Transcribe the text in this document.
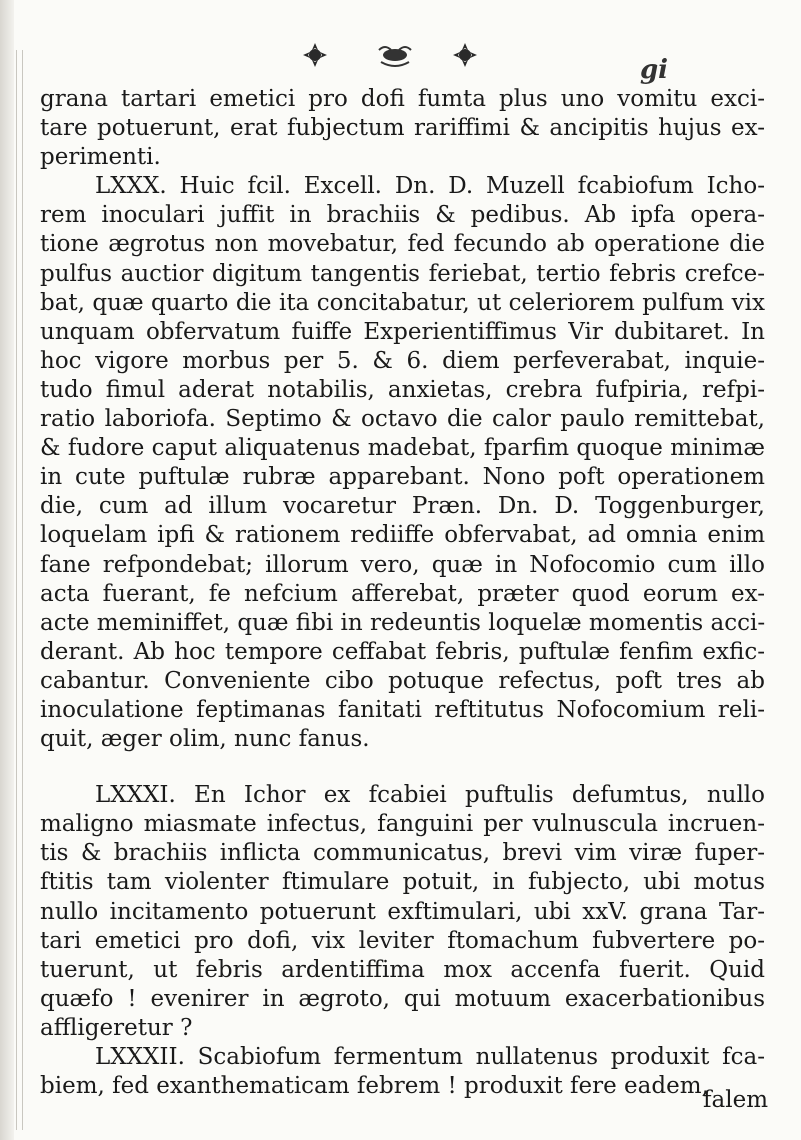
gi
grana tartari emetici pro dofi fumta plus uno vomitu exci-
tare potuerunt, erat fubjectum rariffimi & ancipitis hujus ex-
perimenti.
LXXX. Huic fcil. Excell. Dn. D. Muzell fcabiofum Icho-
rem inoculari juffit in brachiis & pedibus. Ab ipfa opera-
tione ægrotus non movebatur, fed fecundo ab operatione die
pulfus auctior digitum tangentis feriebat, tertio febris crefce-
bat, quæ quarto die ita concitabatur, ut celeriorem pulfum vix
unquam obfervatum fuiffe Experientiffimus Vir dubitaret. In
hoc vigore morbus per 5. & 6. diem perfeverabat, inquie-
tudo fimul aderat notabilis, anxietas, crebra fufpiria, refpi-
ratio laboriofa. Septimo & octavo die calor paulo remittebat,
& fudore caput aliquatenus madebat, fparfim quoque minimæ
in cute puftulæ rubræ apparebant. Nono poft operationem
die, cum ad illum vocaretur Præn. Dn. D. Toggenburger,
loquelam ipfi & rationem rediiffe obfervabat, ad omnia enim
fane refpondebat; illorum vero, quæ in Nofocomio cum illo
acta fuerant, fe nefcium afferebat, præter quod eorum ex-
acte meminiffet, quæ fibi in redeuntis loquelæ momentis acci-
derant. Ab hoc tempore ceffabat febris, puftulæ fenfim exfic-
cabantur. Conveniente cibo potuque refectus, poft tres ab
inoculatione feptimanas fanitati reftitutus Nofocomium reli-
quit, æger olim, nunc fanus.
LXXXI. En Ichor ex fcabiei puftulis defumtus, nullo
maligno miasmate infectus, fanguini per vulnuscula incruen-
tis & brachiis inflicta communicatus, brevi vim viræ fuper-
ftitis tam violenter ftimulare potuit, in fubjecto, ubi motus
nullo incitamento potuerunt exftimulari, ubi xxV. grana Tar-
tari emetici pro dofi, vix leviter ftomachum fubvertere po-
tuerunt, ut febris ardentiffima mox accenfa fuerit. Quid
quæfo ! evenirer in ægroto, qui motuum exacerbationibus
affligeretur ?
LXXXII. Scabiofum fermentum nullatenus produxit fca-
biem, fed exanthematicam febrem ! produxit fere eadem,
falem
